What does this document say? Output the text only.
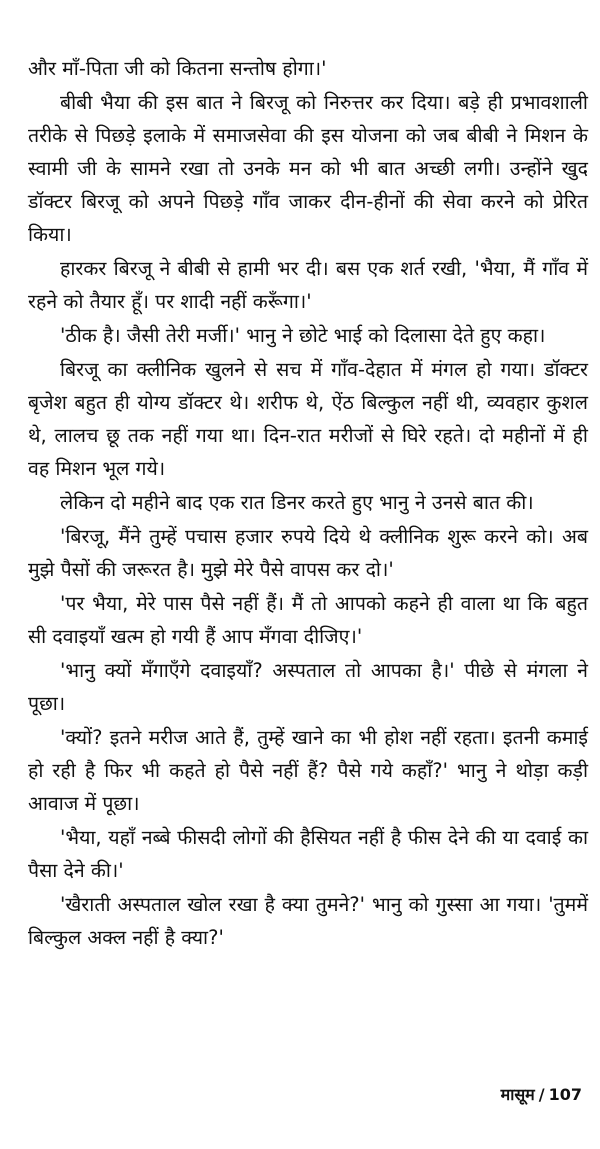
और माँ-पिता जी को कितना सन्तोष होगा।'

बीबी भैया की इस बात ने बिरजू को निरुत्तर कर दिया। बड़े ही प्रभावशाली तरीके से पिछड़े इलाके में समाजसेवा की इस योजना को जब बीबी ने मिशन के स्वामी जी के सामने रखा तो उनके मन को भी बात अच्छी लगी। उन्होंने खुद डॉक्टर बिरजू को अपने पिछड़े गाँव जाकर दीन-हीनों की सेवा करने को प्रेरित किया।

हारकर बिरजू ने बीबी से हामी भर दी। बस एक शर्त रखी, 'भैया, मैं गाँव में रहने को तैयार हूँ। पर शादी नहीं करूँगा।'

'ठीक है। जैसी तेरी मर्जी।' भानु ने छोटे भाई को दिलासा देते हुए कहा।

बिरजू का क्लीनिक खुलने से सच में गाँव-देहात में मंगल हो गया। डॉक्टर बृजेश बहुत ही योग्य डॉक्टर थे। शरीफ थे, ऐंठ बिल्कुल नहीं थी, व्यवहार कुशल थे, लालच छू तक नहीं गया था। दिन-रात मरीजों से घिरे रहते। दो महीनों में ही वह मिशन भूल गये।

लेकिन दो महीने बाद एक रात डिनर करते हुए भानु ने उनसे बात की।

'बिरजू, मैंने तुम्हें पचास हजार रुपये दिये थे क्लीनिक शुरू करने को। अब मुझे पैसों की जरूरत है। मुझे मेरे पैसे वापस कर दो।'

'पर भैया, मेरे पास पैसे नहीं हैं। मैं तो आपको कहने ही वाला था कि बहुत सी दवाइयाँ खत्म हो गयी हैं आप मँगवा दीजिए।'

'भानु क्यों मँगाएँगे दवाइयाँ? अस्पताल तो आपका है।' पीछे से मंगला ने पूछा।

'क्यों? इतने मरीज आते हैं, तुम्हें खाने का भी होश नहीं रहता। इतनी कमाई हो रही है फिर भी कहते हो पैसे नहीं हैं? पैसे गये कहाँ?' भानु ने थोड़ा कड़ी आवाज में पूछा।

'भैया, यहाँ नब्बे फीसदी लोगों की हैसियत नहीं है फीस देने की या दवाई का पैसा देने की।'

'खैराती अस्पताल खोल रखा है क्या तुमने?' भानु को गुस्सा आ गया। 'तुममें बिल्कुल अक्ल नहीं है क्या?'

मासूम / 107
